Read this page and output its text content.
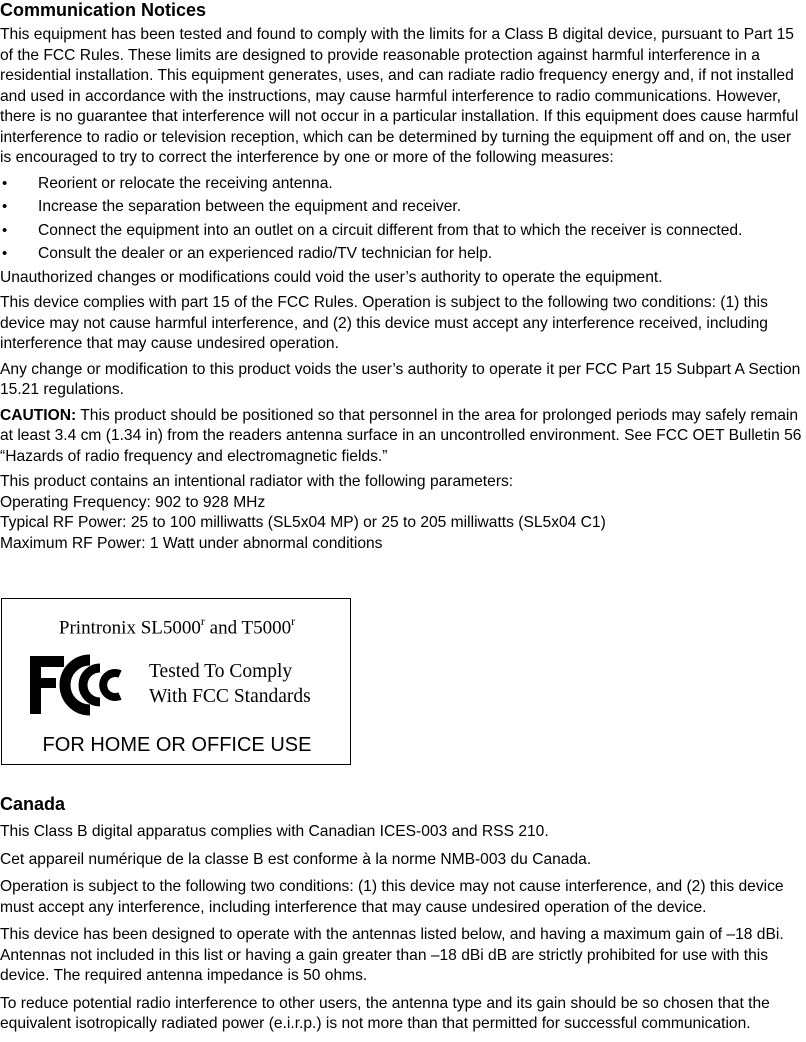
Communication Notices

This equipment has been tested and found to comply with the limits for a Class B digital device, pursuant to Part 15 of the FCC Rules. These limits are designed to provide reasonable protection against harmful interference in a residential installation. This equipment generates, uses, and can radiate radio frequency energy and, if not installed and used in accordance with the instructions, may cause harmful interference to radio communications. However, there is no guarantee that interference will not occur in a particular installation. If this equipment does cause harmful interference to radio or television reception, which can be determined by turning the equipment off and on, the user is encouraged to try to correct the interference by one or more of the following measures:

• Reorient or relocate the receiving antenna.
• Increase the separation between the equipment and receiver.
• Connect the equipment into an outlet on a circuit different from that to which the receiver is connected.
• Consult the dealer or an experienced radio/TV technician for help.

Unauthorized changes or modifications could void the user’s authority to operate the equipment.

This device complies with part 15 of the FCC Rules. Operation is subject to the following two conditions: (1) this device may not cause harmful interference, and (2) this device must accept any interference received, including interference that may cause undesired operation.

Any change or modification to this product voids the user’s authority to operate it per FCC Part 15 Subpart A Section 15.21 regulations.

CAUTION: This product should be positioned so that personnel in the area for prolonged periods may safely remain at least 3.4 cm (1.34 in) from the readers antenna surface in an uncontrolled environment. See FCC OET Bulletin 56 “Hazards of radio frequency and electromagnetic fields.”

This product contains an intentional radiator with the following parameters:
Operating Frequency: 902 to 928 MHz
Typical RF Power: 25 to 100 milliwatts (SL5x04 MP) or 25 to 205 milliwatts (SL5x04 C1)
Maximum RF Power: 1 Watt under abnormal conditions
Printronix SL5000$^r$ and T5000$^r$
Tested To Comply
With FCC Standards
FOR HOME OR OFFICE USE
Canada

This Class B digital apparatus complies with Canadian ICES-003 and RSS 210.

Cet appareil numérique de la classe B est conforme à la norme NMB-003 du Canada.

Operation is subject to the following two conditions: (1) this device may not cause interference, and (2) this device must accept any interference, including interference that may cause undesired operation of the device.

This device has been designed to operate with the antennas listed below, and having a maximum gain of –18 dBi. Antennas not included in this list or having a gain greater than –18 dBi dB are strictly prohibited for use with this device. The required antenna impedance is 50 ohms.

To reduce potential radio interference to other users, the antenna type and its gain should be so chosen that the equivalent isotropically radiated power (e.i.r.p.) is not more than that permitted for successful communication.
